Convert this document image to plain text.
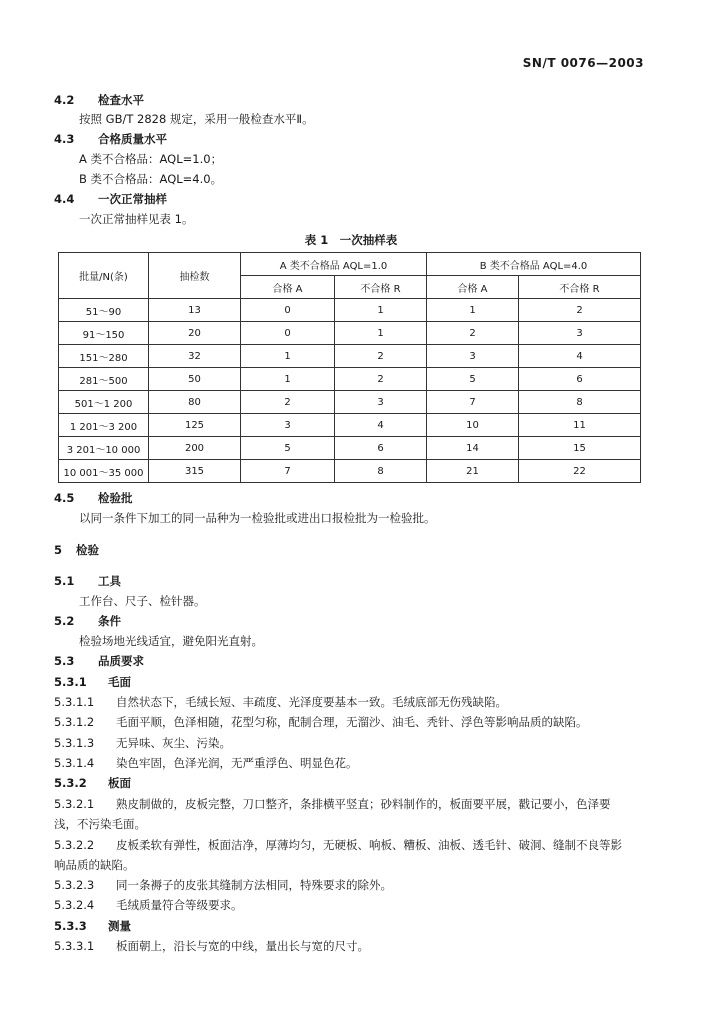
SN/T 0076—2003
4.2 检查水平
按照 GB/T 2828 规定，采用一般检查水平Ⅱ。
4.3 合格质量水平
A 类不合格品：AQL=1.0；
B 类不合格品：AQL=4.0。
4.4 一次正常抽样
一次正常抽样见表 1。
表 1　一次抽样表
批量/N(条)	抽检数	A 类不合格品 AQL=1.0		B 类不合格品 AQL=4.0	
		合格 A	不合格 R	合格 A	不合格 R
51～90	13	0	1	1	2
91～150	20	0	1	2	3
151～280	32	1	2	3	4
281～500	50	1	2	5	6
501～1 200	80	2	3	7	8
1 201～3 200	125	3	4	10	11
3 201～10 000	200	5	6	14	15
10 001～35 000	315	7	8	21	22
4.5 检验批
以同一条件下加工的同一品种为一检验批或进出口报检批为一检验批。
5 检验
5.1 工具
工作台、尺子、检针器。
5.2 条件
检验场地光线适宜，避免阳光直射。
5.3 品质要求
5.3.1 毛面
5.3.1.1 自然状态下，毛绒长短、丰疏度、光泽度要基本一致。毛绒底部无伤残缺陷。
5.3.1.2 毛面平顺，色泽相随，花型匀称，配制合理，无溜沙、油毛、秃针、浮色等影响品质的缺陷。
5.3.1.3 无异味、灰尘、污染。
5.3.1.4 染色牢固，色泽光润，无严重浮色、明显色花。
5.3.2 板面
5.3.2.1 熟皮制做的，皮板完整，刀口整齐，条排横平竖直；砂料制作的，板面要平展，戳记要小，色泽要
浅，不污染毛面。
5.3.2.2 皮板柔软有弹性，板面洁净，厚薄均匀，无硬板、响板、糟板、油板、透毛针、破洞、缝制不良等影
响品质的缺陷。
5.3.2.3 同一条褥子的皮张其缝制方法相同，特殊要求的除外。
5.3.2.4 毛绒质量符合等级要求。
5.3.3 测量
5.3.3.1 板面朝上，沿长与宽的中线，量出长与宽的尺寸。
